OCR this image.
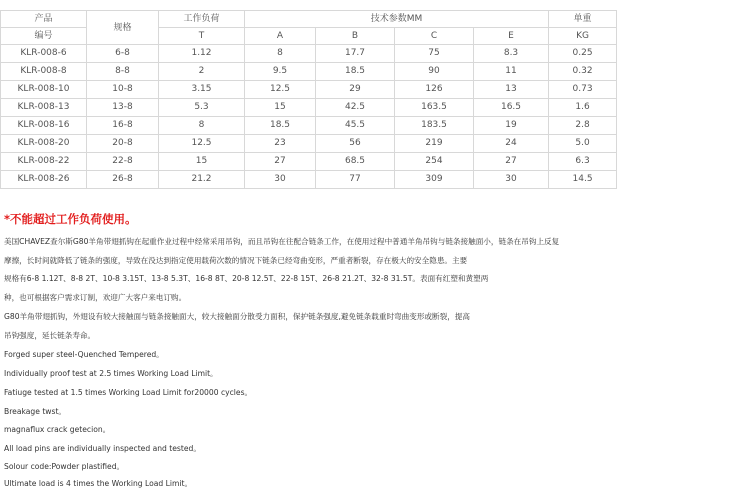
产品	规格	工作负荷	技术参数MM				单重
编号		T	A	B	C	E	KG
KLR-008-6	6-8	1.12	8	17.7	75	8.3	0.25
KLR-008-8	8-8	2	9.5	18.5	90	11	0.32
KLR-008-10	10-8	3.15	12.5	29	126	13	0.73
KLR-008-13	13-8	5.3	15	42.5	163.5	16.5	1.6
KLR-008-16	16-8	8	18.5	45.5	183.5	19	2.8
KLR-008-20	20-8	12.5	23	56	219	24	5.0
KLR-008-22	22-8	15	27	68.5	254	27	6.3
KLR-008-26	26-8	21.2	30	77	309	30	14.5
*不能超过工作负荷使用。
美国CHAVEZ查尔斯G80羊角带翅抓钩在起重作业过程中经常采用吊钩，而且吊钩在往配合链条工作，在使用过程中普通羊角吊钩与链条接触面小，链条在吊钩上反复
摩擦，长时间就降低了链条的强度，导致在没达到指定使用载荷次数的情况下链条已经弯曲变形，严重者断裂，存在极大的安全隐患。主要
规格有6-8 1.12T、8-8 2T、10-8 3.15T、13-8 5.3T、16-8 8T、20-8 12.5T、22-8 15T、26-8 21.2T、32-8 31.5T。表面有红塑和黄塑两
种，也可根据客户需求订制，欢迎广大客户来电订购。
G80羊角带翅抓钩，外翅设有较大接触面与链条接触面大，较大接触面分散受力面积，保护链条强度,避免链条载重时弯曲变形或断裂，提高
吊钩强度，延长链条寿命。
Forged super steel-Quenched Tempered。
Individually proof test at 2.5 times Working Load Limit。
Fatiuge tested at 1.5 times Working Load Limit for20000 cycles。
Breakage twst。
magnaflux crack getecion。
All load pins are individually inspected and tested。
Solour code:Powder plastified。
Ultimate load is 4 times the Working Load Limit。
